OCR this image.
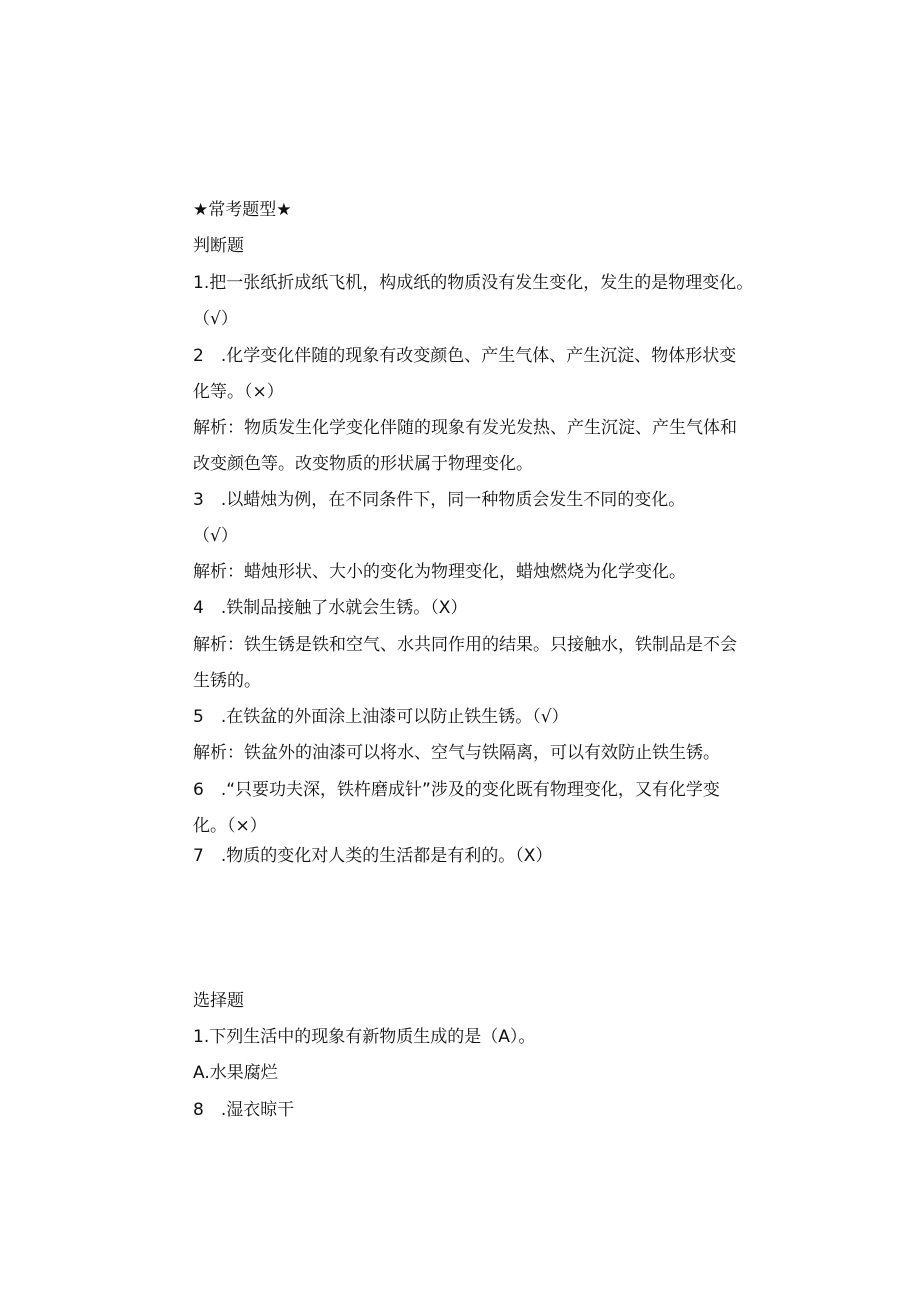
★常考题型★
判断题
1.把一张纸折成纸飞机，构成纸的物质没有发生变化，发生的是物理变化。
（√）
2　.化学变化伴随的现象有改变颜色、产生气体、产生沉淀、物体形状变
化等。（×）
解析：物质发生化学变化伴随的现象有发光发热、产生沉淀、产生气体和
改变颜色等。改变物质的形状属于物理变化。
3　.以蜡烛为例，在不同条件下，同一种物质会发生不同的变化。
（√）
解析：蜡烛形状、大小的变化为物理变化，蜡烛燃烧为化学变化。
4　.铁制品接触了水就会生锈。（X）
解析：铁生锈是铁和空气、水共同作用的结果。只接触水，铁制品是不会
生锈的。
5　.在铁盆的外面涂上油漆可以防止铁生锈。（√）
解析：铁盆外的油漆可以将水、空气与铁隔离，可以有效防止铁生锈。
6　.“只要功夫深，铁杵磨成针”涉及的变化既有物理变化，又有化学变
化。（×）
7　.物质的变化对人类的生活都是有利的。（X）
选择题
1.下列生活中的现象有新物质生成的是（A）。
A.水果腐烂
8　.湿衣晾干
